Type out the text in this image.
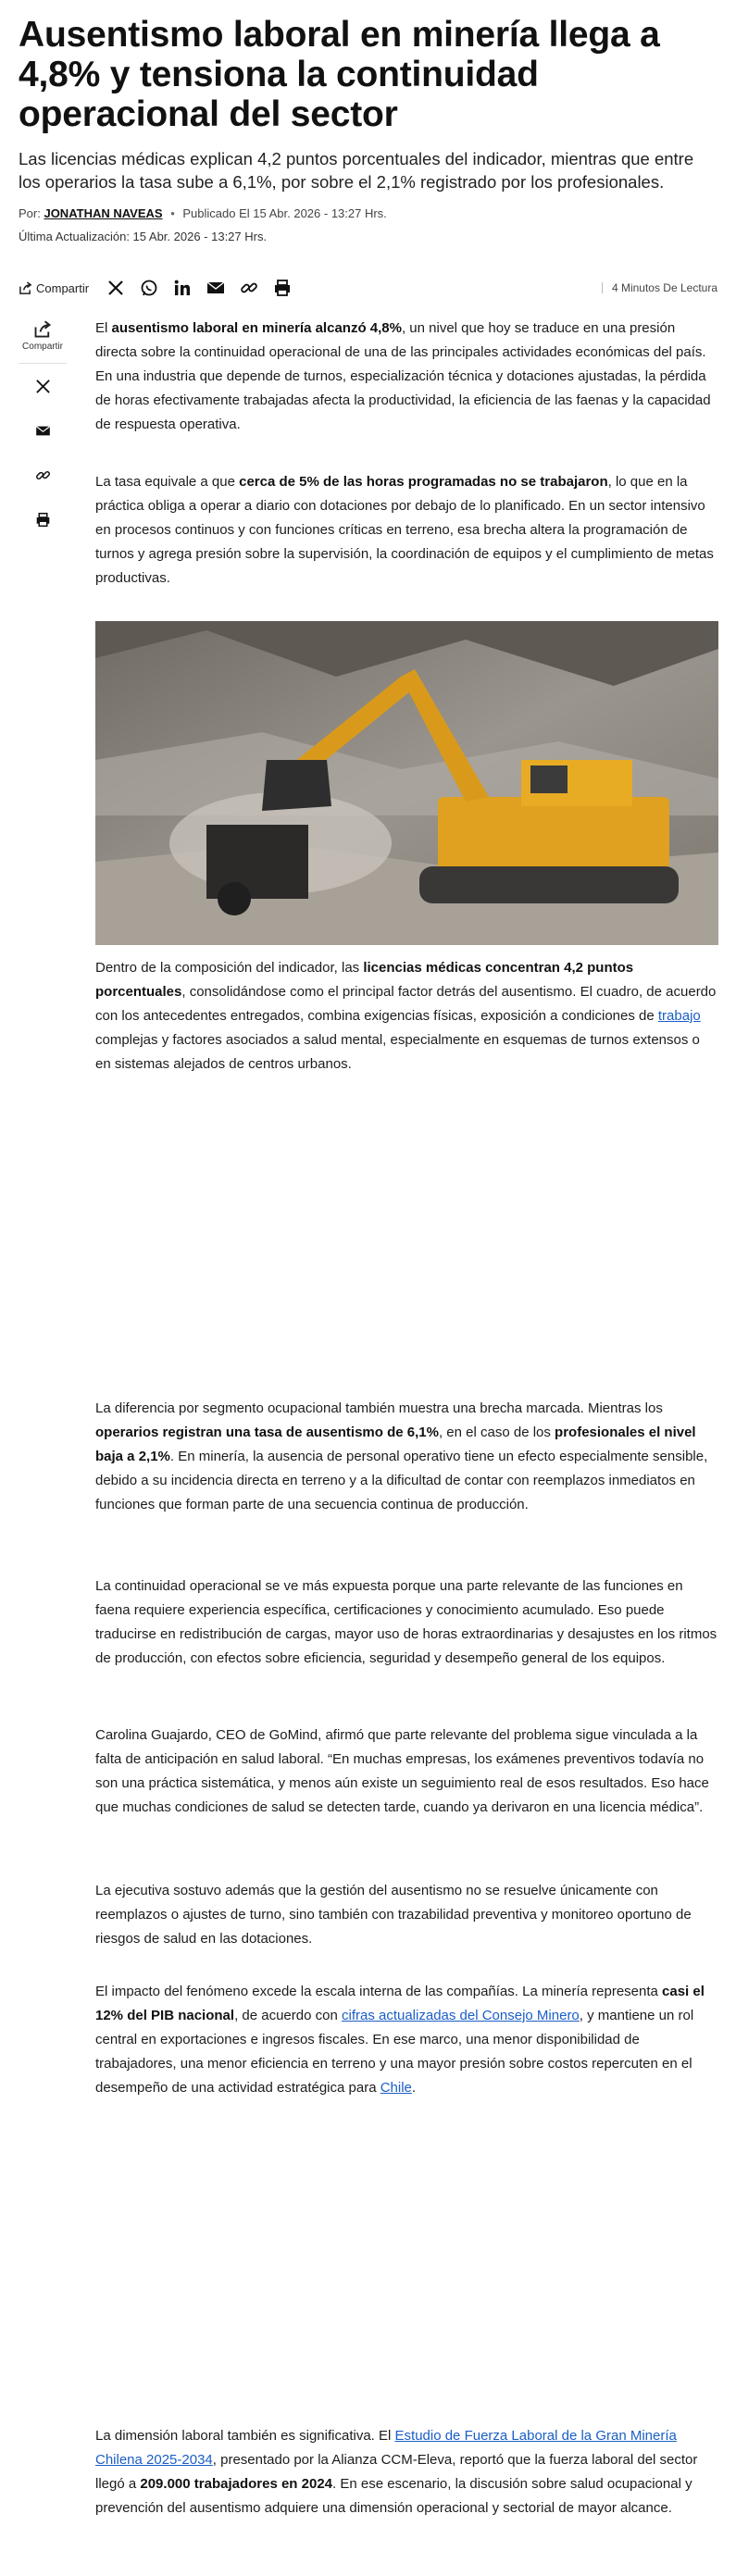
Ausentismo laboral en minería llega a 4,8% y tensiona la continuidad operacional del sector

Las licencias médicas explican 4,2 puntos porcentuales del indicador, mientras que entre los operarios la tasa sube a 6,1%, por sobre el 2,1% registrado por los profesionales.

Por: JONATHAN NAVEAS • Publicado El 15 Abr. 2026 - 13:27 Hrs.
Última Actualización: 15 Abr. 2026 - 13:27 Hrs.
Compartir	4 Minutos De Lectura
Compartir

El ausentismo laboral en minería alcanzó 4,8%, un nivel que hoy se traduce en una presión directa sobre la continuidad operacional de una de las principales actividades económicas del país. En una industria que depende de turnos, especialización técnica y dotaciones ajustadas, la pérdida de horas efectivamente trabajadas afecta la productividad, la eficiencia de las faenas y la capacidad de respuesta operativa.

La tasa equivale a que cerca de 5% de las horas programadas no se trabajaron, lo que en la práctica obliga a operar a diario con dotaciones por debajo de lo planificado. En un sector intensivo en procesos continuos y con funciones críticas en terreno, esa brecha altera la programación de turnos y agrega presión sobre la supervisión, la coordinación de equipos y el cumplimiento de metas productivas.

Dentro de la composición del indicador, las licencias médicas concentran 4,2 puntos porcentuales, consolidándose como el principal factor detrás del ausentismo. El cuadro, de acuerdo con los antecedentes entregados, combina exigencias físicas, exposición a condiciones de trabajo complejas y factores asociados a salud mental, especialmente en esquemas de turnos extensos o en sistemas alejados de centros urbanos.

La diferencia por segmento ocupacional también muestra una brecha marcada. Mientras los operarios registran una tasa de ausentismo de 6,1%, en el caso de los profesionales el nivel baja a 2,1%. En minería, la ausencia de personal operativo tiene un efecto especialmente sensible, debido a su incidencia directa en terreno y a la dificultad de contar con reemplazos inmediatos en funciones que forman parte de una secuencia continua de producción.

La continuidad operacional se ve más expuesta porque una parte relevante de las funciones en faena requiere experiencia específica, certificaciones y conocimiento acumulado. Eso puede traducirse en redistribución de cargas, mayor uso de horas extraordinarias y desajustes en los ritmos de producción, con efectos sobre eficiencia, seguridad y desempeño general de los equipos.

Carolina Guajardo, CEO de GoMind, afirmó que parte relevante del problema sigue vinculada a la falta de anticipación en salud laboral. “En muchas empresas, los exámenes preventivos todavía no son una práctica sistemática, y menos aún existe un seguimiento real de esos resultados. Eso hace que muchas condiciones de salud se detecten tarde, cuando ya derivaron en una licencia médica”.

La ejecutiva sostuvo además que la gestión del ausentismo no se resuelve únicamente con reemplazos o ajustes de turno, sino también con trazabilidad preventiva y monitoreo oportuno de riesgos de salud en las dotaciones.

El impacto del fenómeno excede la escala interna de las compañías. La minería representa casi el 12% del PIB nacional, de acuerdo con cifras actualizadas del Consejo Minero, y mantiene un rol central en exportaciones e ingresos fiscales. En ese marco, una menor disponibilidad de trabajadores, una menor eficiencia en terreno y una mayor presión sobre costos repercuten en el desempeño de una actividad estratégica para Chile.

La dimensión laboral también es significativa. El Estudio de Fuerza Laboral de la Gran Minería Chilena 2025-2034, presentado por la Alianza CCM-Eleva, reportó que la fuerza laboral del sector llegó a 209.000 trabajadores en 2024. En ese escenario, la discusión sobre salud ocupacional y prevención del ausentismo adquiere una dimensión operacional y sectorial de mayor alcance.
